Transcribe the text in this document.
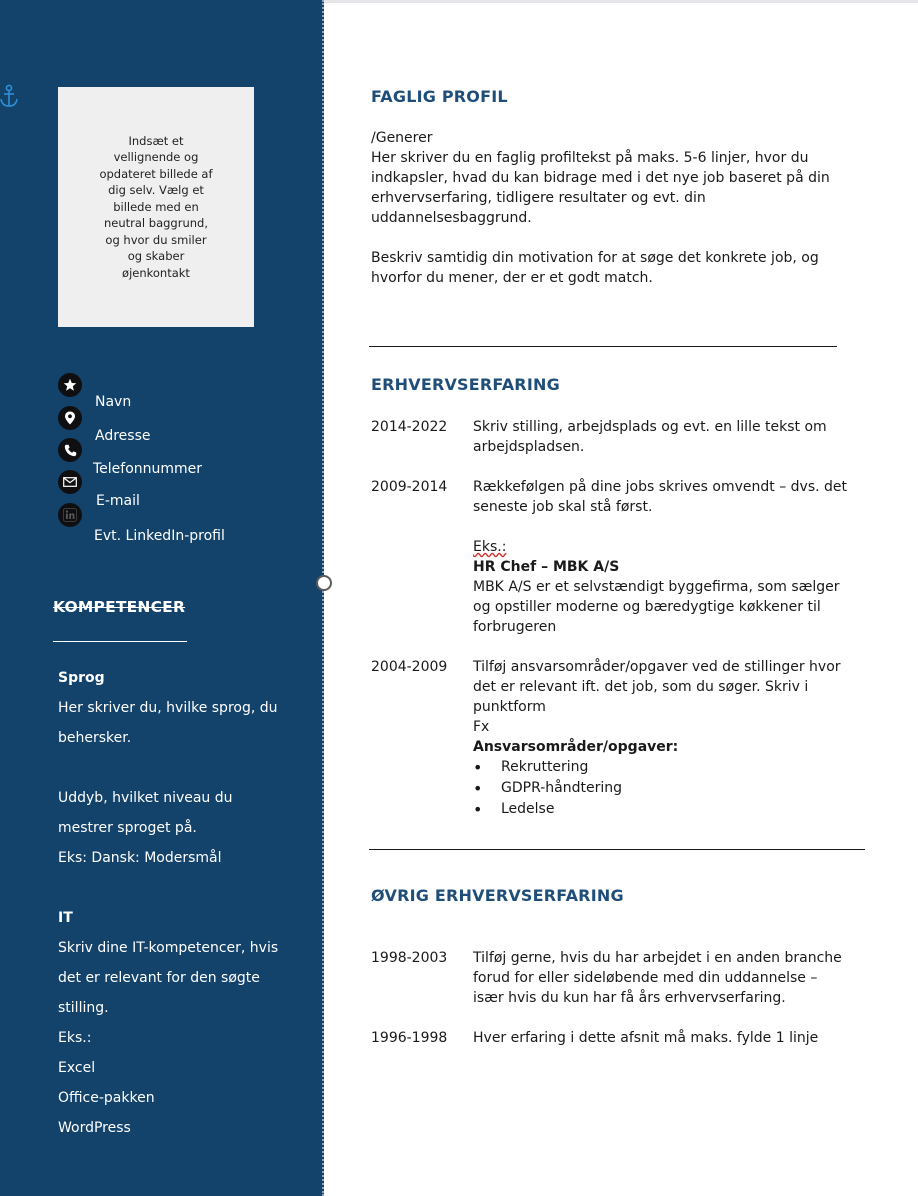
Indsæt et vellignende og opdateret billede af dig selv. Vælg et billede med en neutral baggrund, og hvor du smiler og skaber øjenkontakt
Navn
Adresse
Telefonnummer
E-mail
Evt. LinkedIn-profil
KOMPETENCER
Sprog
Her skriver du, hvilke sprog, du
behersker.
Uddyb, hvilket niveau du
mestrer sproget på.
Eks: Dansk: Modersmål
IT
Skriv dine IT-kompetencer, hvis
det er relevant for den søgte
stilling.
Eks.:
Excel
Office-pakken
WordPress
FAGLIG PROFIL
/Generer
Her skriver du en faglig profiltekst på maks. 5-6 linjer, hvor du indkapsler, hvad du kan bidrage med i det nye job baseret på din erhvervserfaring, tidligere resultater og evt. din uddannelsesbaggrund.
Beskriv samtidig din motivation for at søge det konkrete job, og hvorfor du mener, der er et godt match.
ERHVERVSERFARING
2014-2022 Skriv stilling, arbejdsplads og evt. en lille tekst om arbejdspladsen.
2009-2014 Rækkefølgen på dine jobs skrives omvendt – dvs. det seneste job skal stå først.
Eks.:
HR Chef – MBK A/S
MBK A/S er et selvstændigt byggefirma, som sælger og opstiller moderne og bæredygtige køkkener til forbrugeren
2004-2009 Tilføj ansvarsområder/opgaver ved de stillinger hvor det er relevant ift. det job, som du søger. Skriv i punktform
Fx
Ansvarsområder/opgaver:
• Rekruttering
• GDPR-håndtering
• Ledelse
ØVRIG ERHVERVSERFARING
1998-2003 Tilføj gerne, hvis du har arbejdet i en anden branche forud for eller sideløbende med din uddannelse – især hvis du kun har få års erhvervserfaring.
1996-1998 Hver erfaring i dette afsnit må maks. fylde 1 linje
